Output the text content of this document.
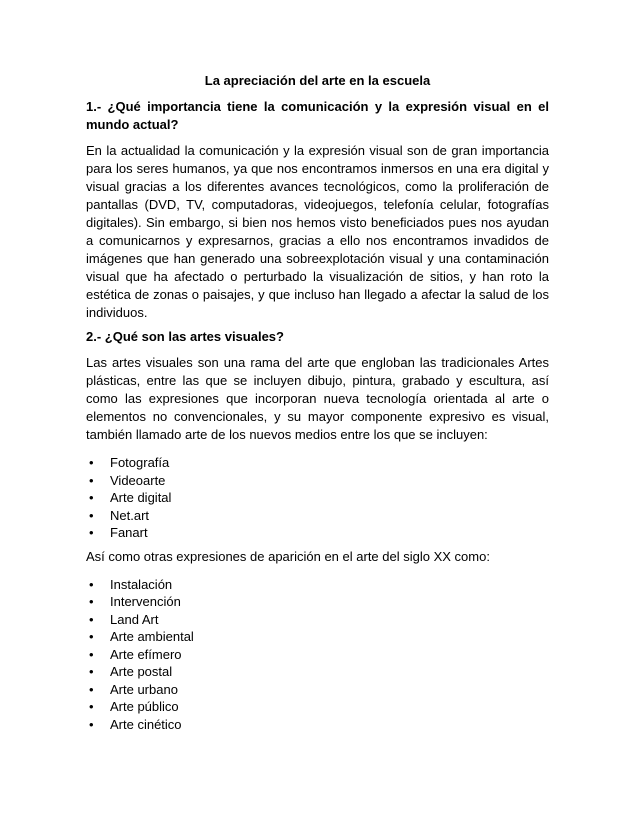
La apreciación del arte en la escuela

1.- ¿Qué importancia tiene la comunicación y la expresión visual en el mundo actual?

En la actualidad la comunicación y la expresión visual son de gran importancia para los seres humanos, ya que nos encontramos inmersos en una era digital y visual gracias a los diferentes avances tecnológicos, como la proliferación de pantallas (DVD, TV, computadoras, videojuegos, telefonía celular, fotografías digitales). Sin embargo, si bien nos hemos visto beneficiados pues nos ayudan a comunicarnos y expresarnos, gracias a ello nos encontramos invadidos de imágenes que han generado una sobreexplotación visual y una contaminación visual que ha afectado o perturbado la visualización de sitios, y han roto la estética de zonas o paisajes, y que incluso han llegado a afectar la salud de los individuos.

2.- ¿Qué son las artes visuales?

Las artes visuales son una rama del arte que engloban las tradicionales Artes plásticas, entre las que se incluyen dibujo, pintura, grabado y escultura, así como las expresiones que incorporan nueva tecnología orientada al arte o elementos no convencionales, y su mayor componente expresivo es visual, también llamado arte de los nuevos medios entre los que se incluyen:

• Fotografía
• Videoarte
• Arte digital
• Net.art
• Fanart

Así como otras expresiones de aparición en el arte del siglo XX como:

• Instalación
• Intervención
• Land Art
• Arte ambiental
• Arte efímero
• Arte postal
• Arte urbano
• Arte público
• Arte cinético
